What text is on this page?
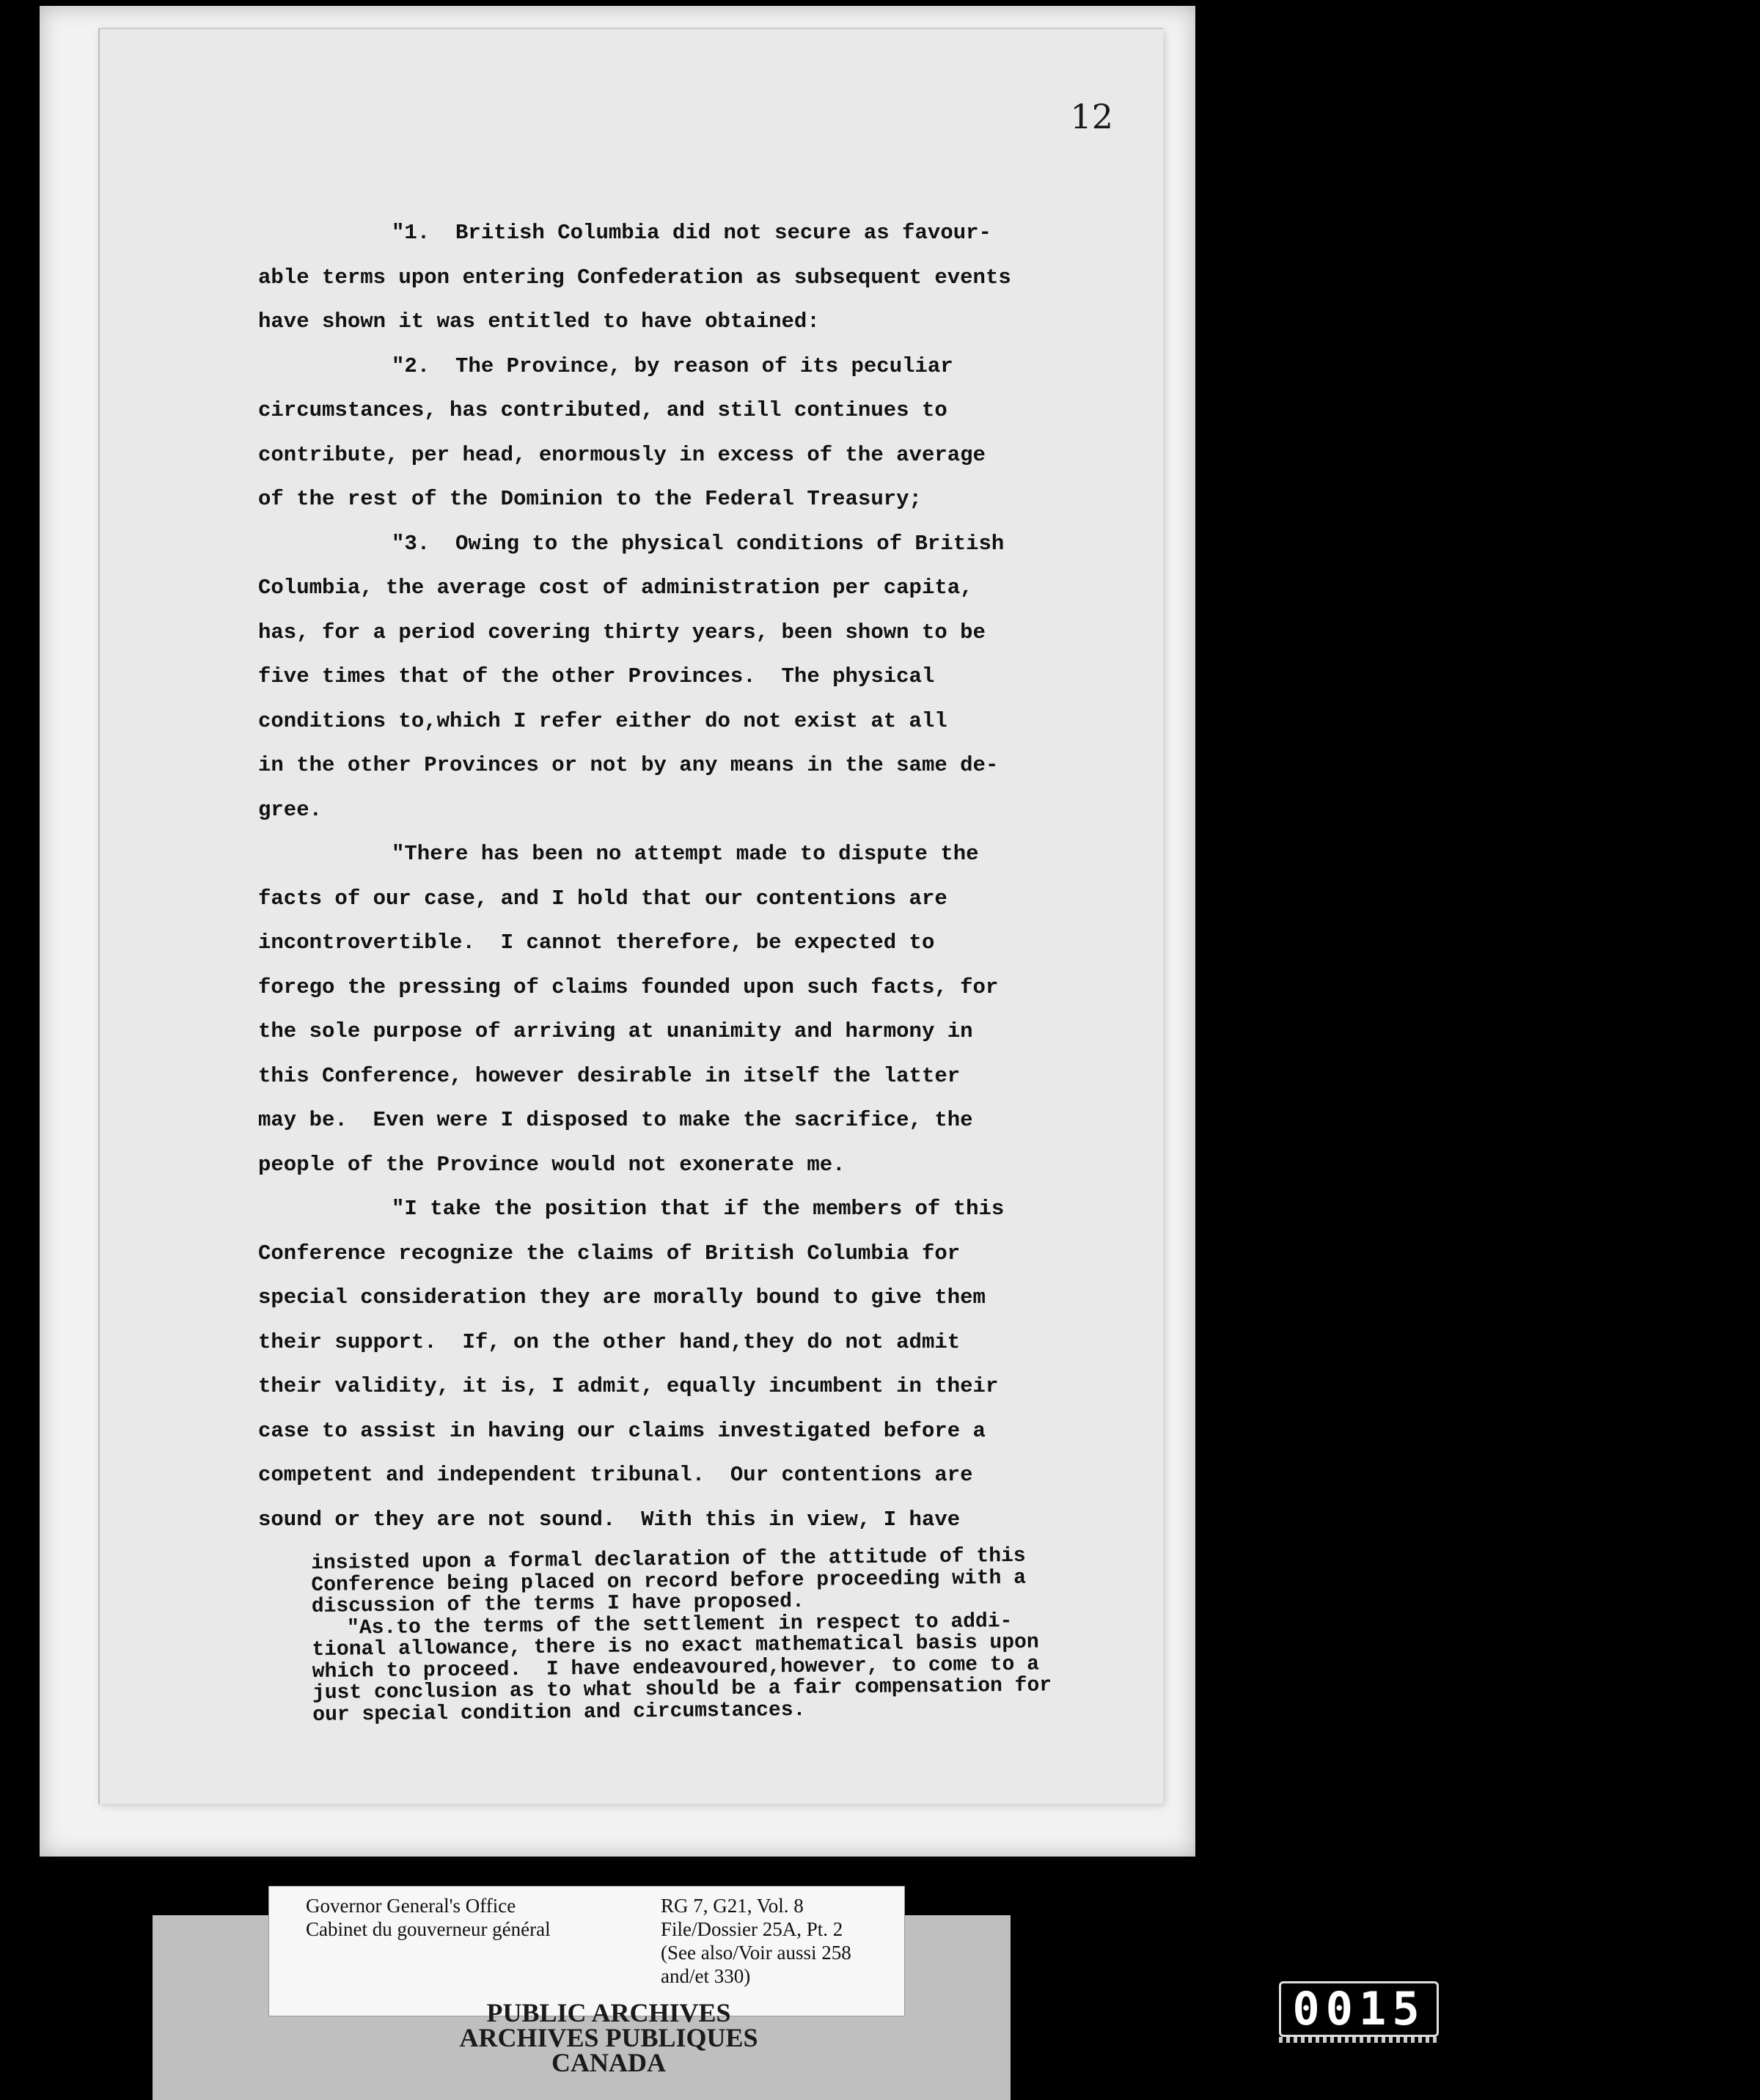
12
"1.  British Columbia did not secure as favour-
able terms upon entering Confederation as subsequent events
have shown it was entitled to have obtained:
"2.  The Province, by reason of its peculiar
circumstances, has contributed, and still continues to
contribute, per head, enormously in excess of the average
of the rest of the Dominion to the Federal Treasury;
"3.  Owing to the physical conditions of British
Columbia, the average cost of administration per capita,
has, for a period covering thirty years, been shown to be
five times that of the other Provinces.  The physical
conditions to,which I refer either do not exist at all
in the other Provinces or not by any means in the same de-
gree.
"There has been no attempt made to dispute the
facts of our case, and I hold that our contentions are
incontrovertible.  I cannot therefore, be expected to
forego the pressing of claims founded upon such facts, for
the sole purpose of arriving at unanimity and harmony in
this Conference, however desirable in itself the latter
may be.  Even were I disposed to make the sacrifice, the
people of the Province would not exonerate me.
"I take the position that if the members of this
Conference recognize the claims of British Columbia for
special consideration they are morally bound to give them
their support.  If, on the other hand,they do not admit
their validity, it is, I admit, equally incumbent in their
case to assist in having our claims investigated before a
competent and independent tribunal.  Our contentions are
sound or they are not sound.  With this in view, I have
insisted upon a formal declaration of the attitude of this
Conference being placed on record before proceeding with a
discussion of the terms I have proposed.
"As.to the terms of the settlement in respect to addi-
tional allowance, there is no exact mathematical basis upon
which to proceed.  I have endeavoured,however, to come to a
just conclusion as to what should be a fair compensation for
our special condition and circumstances.
Governor General's Office
Cabinet du gouverneur général
RG 7, G21, Vol. 8
File/Dossier 25A, Pt. 2
(See also/Voir aussi 258
and/et 330)
PUBLIC ARCHIVES
ARCHIVES PUBLIQUES
CANADA
0015
